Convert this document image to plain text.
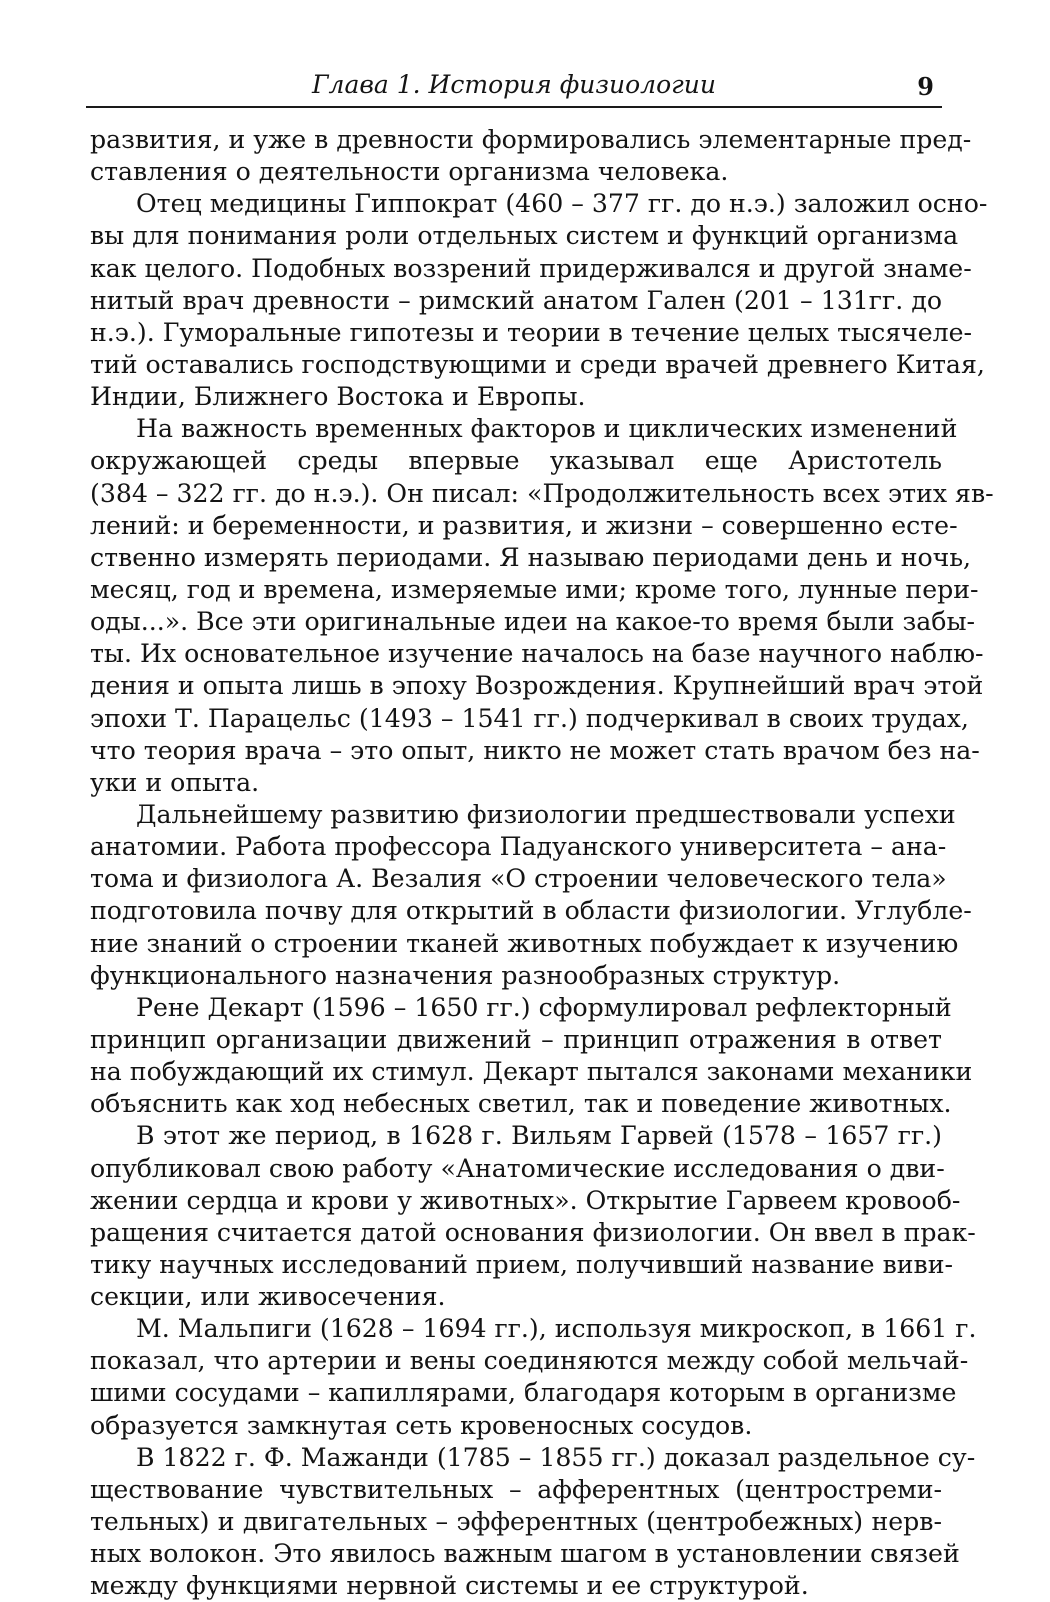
Глава 1. История физиологии	9
развития, и уже в древности формировались элементарные пред-
ставления о деятельности организма человека.
Отец медицины Гиппократ (460 – 377 гг. до н.э.) заложил осно-
вы для понимания роли отдельных систем и функций организма
как целого. Подобных воззрений придерживался и другой знаме-
нитый врач древности – римский анатом Гален (201 – 131гг. до
н.э.). Гуморальные гипотезы и теории в течение целых тысячеле-
тий оставались господствующими и среди врачей древнего Китая,
Индии, Ближнего Востока и Европы.
На важность временных факторов и циклических изменений
окружающей среды впервые указывал еще Аристотель
(384 – 322 гг. до н.э.). Он писал: «Продолжительность всех этих яв-
лений: и беременности, и развития, и жизни – совершенно есте-
ственно измерять периодами. Я называю периодами день и ночь,
месяц, год и времена, измеряемые ими; кроме того, лунные пери-
оды...». Все эти оригинальные идеи на какое-то время были забы-
ты. Их основательное изучение началось на базе научного наблю-
дения и опыта лишь в эпоху Возрождения. Крупнейший врач этой
эпохи Т. Парацельс (1493 – 1541 гг.) подчеркивал в своих трудах,
что теория врача – это опыт, никто не может стать врачом без на-
уки и опыта.
Дальнейшему развитию физиологии предшествовали успехи
анатомии. Работа профессора Падуанского университета – ана-
тома и физиолога А. Везалия «О строении человеческого тела»
подготовила почву для открытий в области физиологии. Углубле-
ние знаний о строении тканей животных побуждает к изучению
функционального назначения разнообразных структур.
Рене Декарт (1596 – 1650 гг.) сформулировал рефлекторный
принцип организации движений – принцип отражения в ответ
на побуждающий их стимул. Декарт пытался законами механики
объяснить как ход небесных светил, так и поведение животных.
В этот же период, в 1628 г. Вильям Гарвей (1578 – 1657 гг.)
опубликовал свою работу «Анатомические исследования о дви-
жении сердца и крови у животных». Открытие Гарвеем кровооб-
ращения считается датой основания физиологии. Он ввел в прак-
тику научных исследований прием, получивший название виви-
секции, или живосечения.
М. Мальпиги (1628 – 1694 гг.), используя микроскоп, в 1661 г.
показал, что артерии и вены соединяются между собой мельчай-
шими сосудами – капиллярами, благодаря которым в организме
образуется замкнутая сеть кровеносных сосудов.
В 1822 г. Ф. Мажанди (1785 – 1855 гг.) доказал раздельное су-
ществование чувствительных – афферентных (центростреми-
тельных) и двигательных – эфферентных (центробежных) нерв-
ных волокон. Это явилось важным шагом в установлении связей
между функциями нервной системы и ее структурой.
